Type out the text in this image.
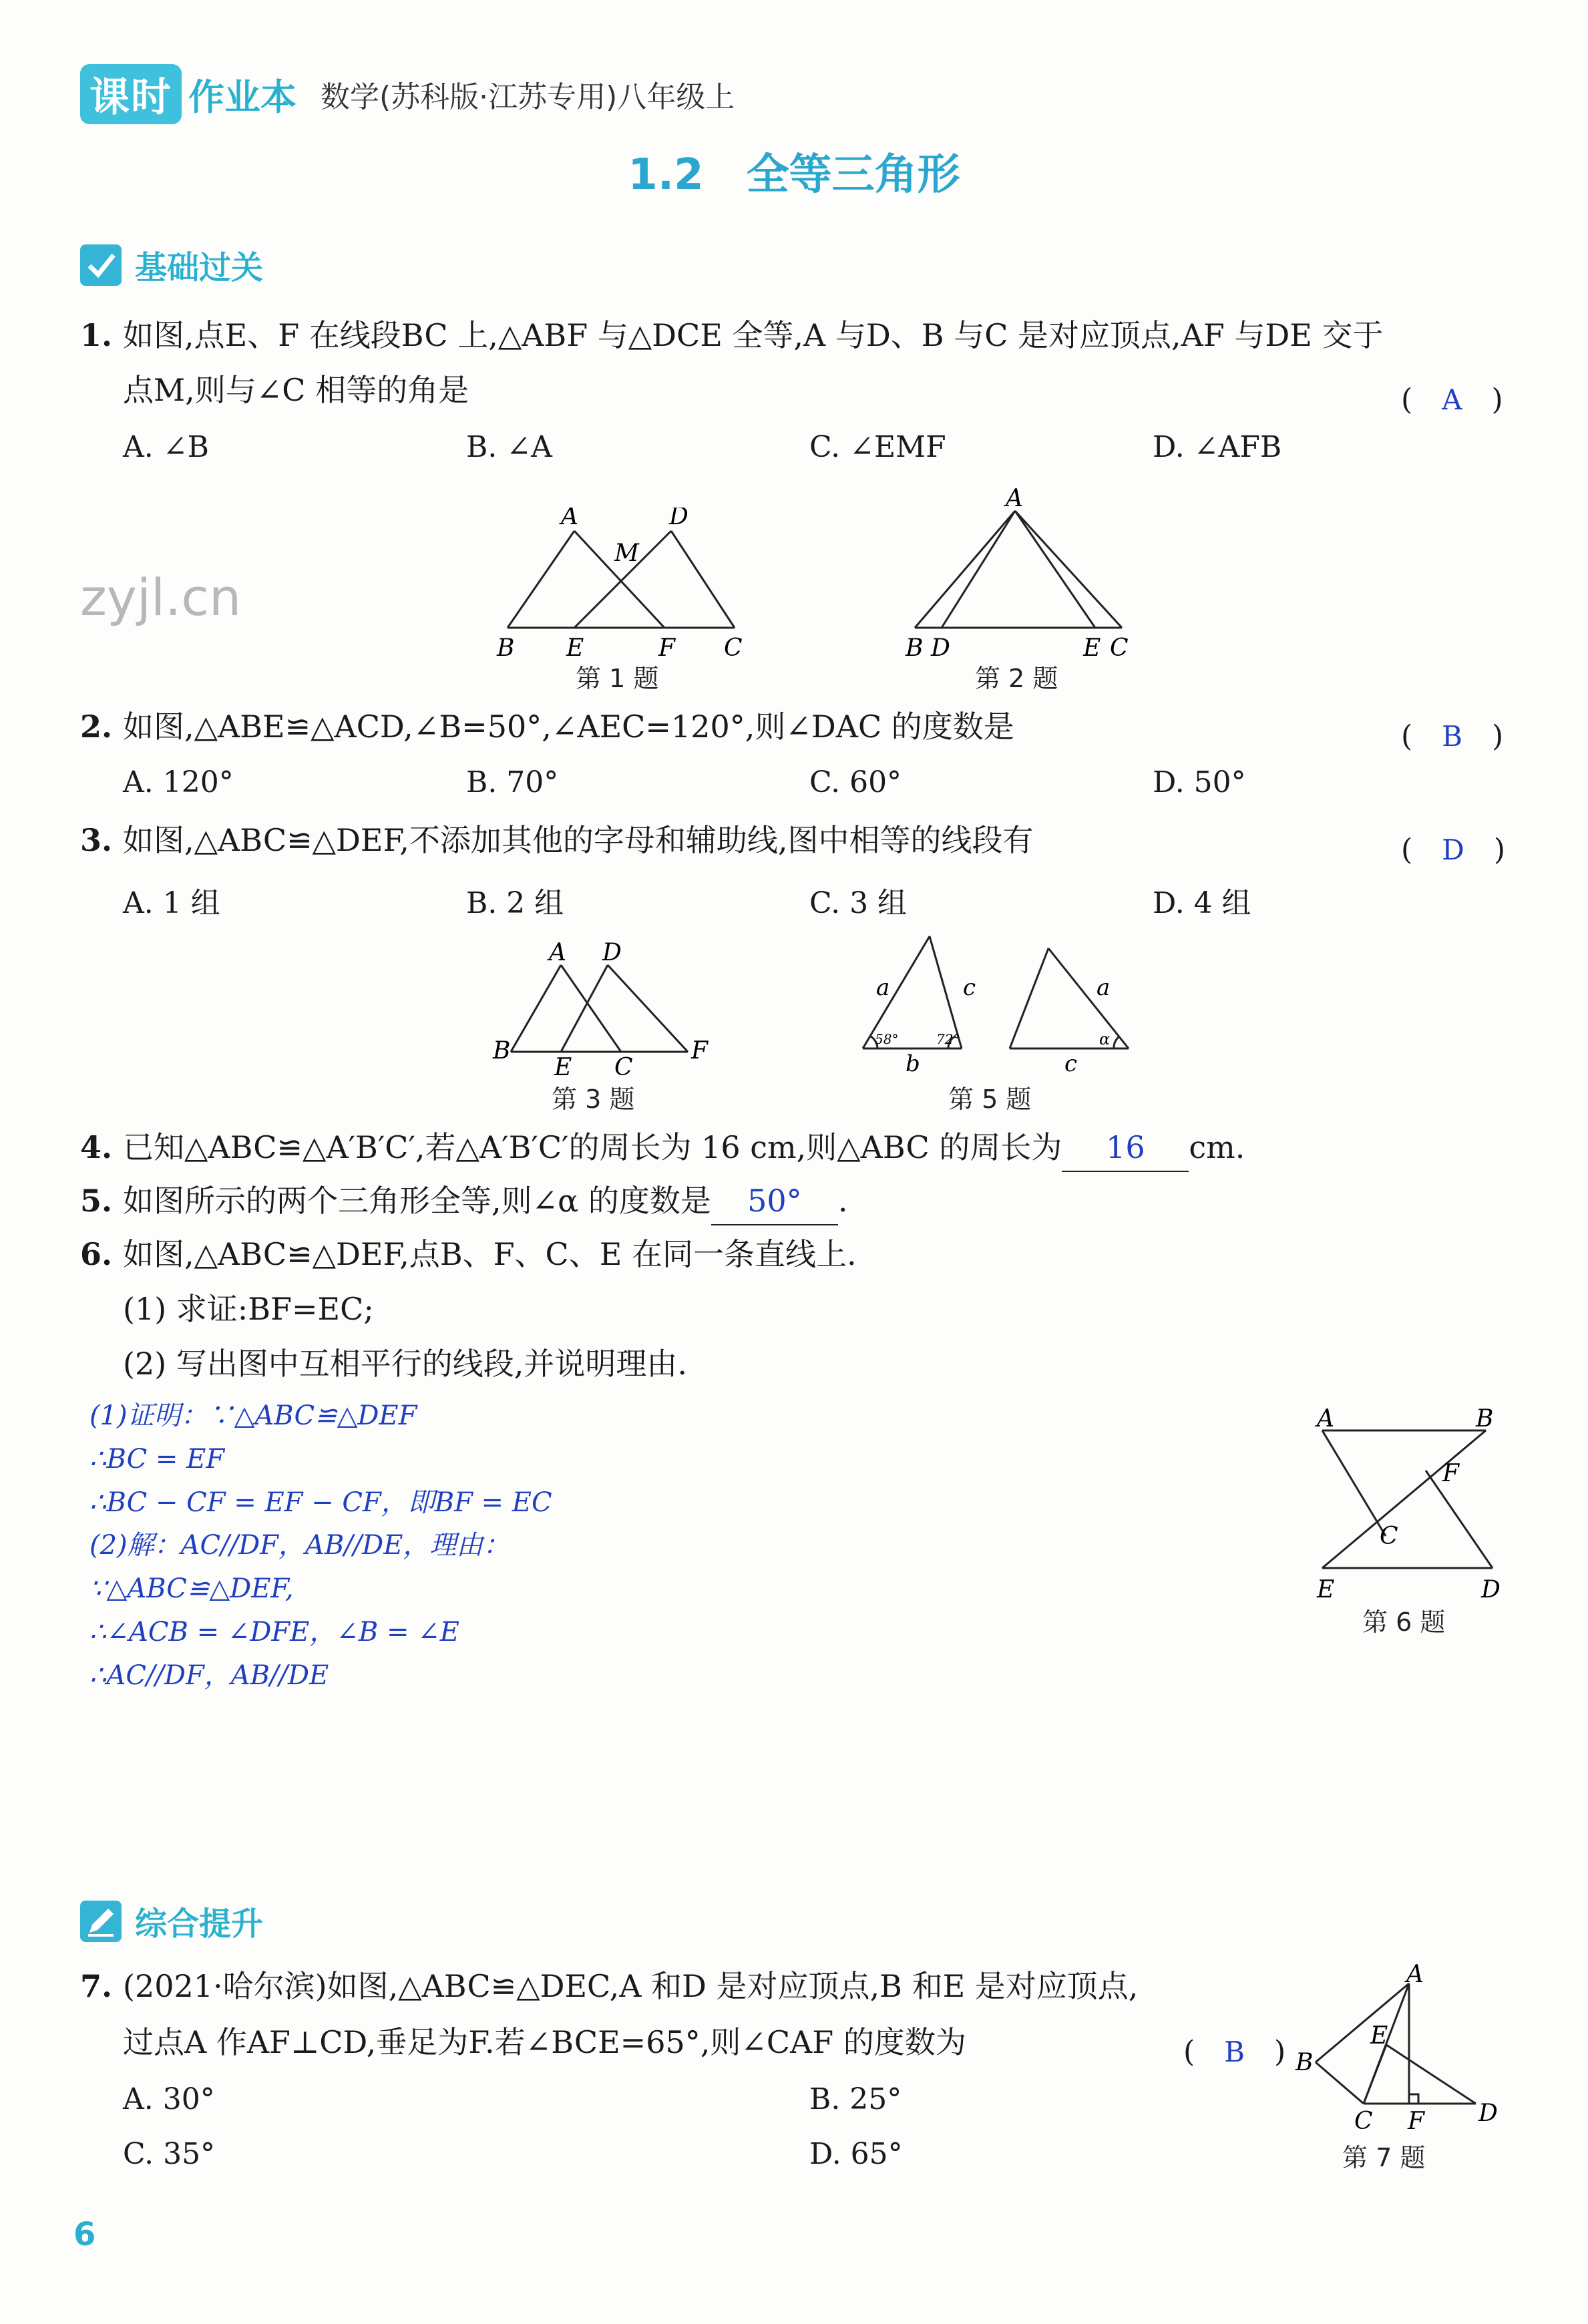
课时 作业本 数学(苏科版·江苏专用)八年级上
1.2　全等三角形
基础过关
1. 如图,点E、F 在线段BC 上,△ABF 与△DCE 全等,A 与D、B 与C 是对应顶点,AF 与DE 交于
点M,则与∠C 相等的角是	(　A　)
A. ∠B	B. ∠A	C. ∠EMF	D. ∠AFB
zyjl.cn
A	D
M
B E	F C
第 1 题
A
B D	E C
第 2 题
2. 如图,△ABE≌△ACD,∠B=50°,∠AEC=120°,则∠DAC 的度数是	(　B　)
A. 120°	B. 70°	C. 60°	D. 50°
3. 如图,△ABC≌△DEF,不添加其他的字母和辅助线,图中相等的线段有	(　D　)
A. 1 组	B. 2 组	C. 3 组	D. 4 组
A D
B
E C
F
第 3 题
a	c
b
58°	72°
a
c
α
第 5 题
4. 已知△ABC≌△A′B′C′,若△A′B′C′的周长为 16 cm,则△ABC 的周长为 16 cm.
5. 如图所示的两个三角形全等,则∠α 的度数是 50° .
6. 如图,△ABC≌△DEF,点B、F、C、E 在同一条直线上.
(1) 求证:BF=EC;
(2) 写出图中互相平行的线段,并说明理由.
(1)证明：∵△ABC≌△DEF
∴BC = EF
∴BC − CF = EF − CF，即BF = EC
(2)解：AC//DF，AB//DE，理由：
∵△ABC≌△DEF,
∴∠ACB = ∠DFE，∠B = ∠E
∴AC//DF，AB//DE
A	B
F
C
E	D
第 6 题
综合提升
7. (2021·哈尔滨)如图,△ABC≌△DEC,A 和D 是对应顶点,B 和E 是对应顶点,
过点A 作AF⊥CD,垂足为F.若∠BCE=65°,则∠CAF 的度数为	(　B　)
A. 30°	B. 25°
C. 35°	D. 65°
A
E
B
C F D
第 7 题
6
